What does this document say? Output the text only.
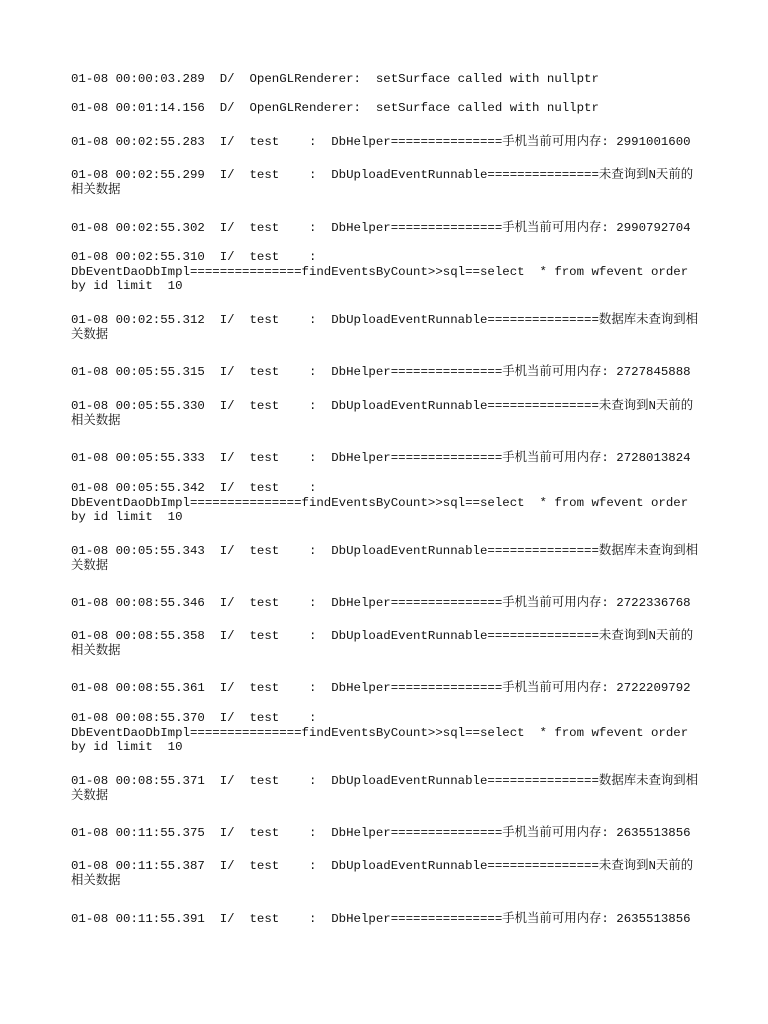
01-08 00:00:03.289  D/  OpenGLRenderer:  setSurface called with nullptr

01-08 00:01:14.156  D/  OpenGLRenderer:  setSurface called with nullptr

01-08 00:02:55.283  I/  test    :  DbHelper===============手机当前可用内存: 2991001600

01-08 00:02:55.299  I/  test    :  DbUploadEventRunnable===============未查询到N天前的相关数据

01-08 00:02:55.302  I/  test    :  DbHelper===============手机当前可用内存: 2990792704

01-08 00:02:55.310  I/  test    :
DbEventDaoDbImpl===============findEventsByCount>>sql==select  * from wfevent order
by id limit  10

01-08 00:02:55.312  I/  test    :  DbUploadEventRunnable===============数据库未查询到相关数据

01-08 00:05:55.315  I/  test    :  DbHelper===============手机当前可用内存: 2727845888

01-08 00:05:55.330  I/  test    :  DbUploadEventRunnable===============未查询到N天前的相关数据

01-08 00:05:55.333  I/  test    :  DbHelper===============手机当前可用内存: 2728013824

01-08 00:05:55.342  I/  test    :
DbEventDaoDbImpl===============findEventsByCount>>sql==select  * from wfevent order
by id limit  10

01-08 00:05:55.343  I/  test    :  DbUploadEventRunnable===============数据库未查询到相关数据

01-08 00:08:55.346  I/  test    :  DbHelper===============手机当前可用内存: 2722336768

01-08 00:08:55.358  I/  test    :  DbUploadEventRunnable===============未查询到N天前的相关数据

01-08 00:08:55.361  I/  test    :  DbHelper===============手机当前可用内存: 2722209792

01-08 00:08:55.370  I/  test    :
DbEventDaoDbImpl===============findEventsByCount>>sql==select  * from wfevent order
by id limit  10

01-08 00:08:55.371  I/  test    :  DbUploadEventRunnable===============数据库未查询到相关数据

01-08 00:11:55.375  I/  test    :  DbHelper===============手机当前可用内存: 2635513856

01-08 00:11:55.387  I/  test    :  DbUploadEventRunnable===============未查询到N天前的相关数据

01-08 00:11:55.391  I/  test    :  DbHelper===============手机当前可用内存: 2635513856
